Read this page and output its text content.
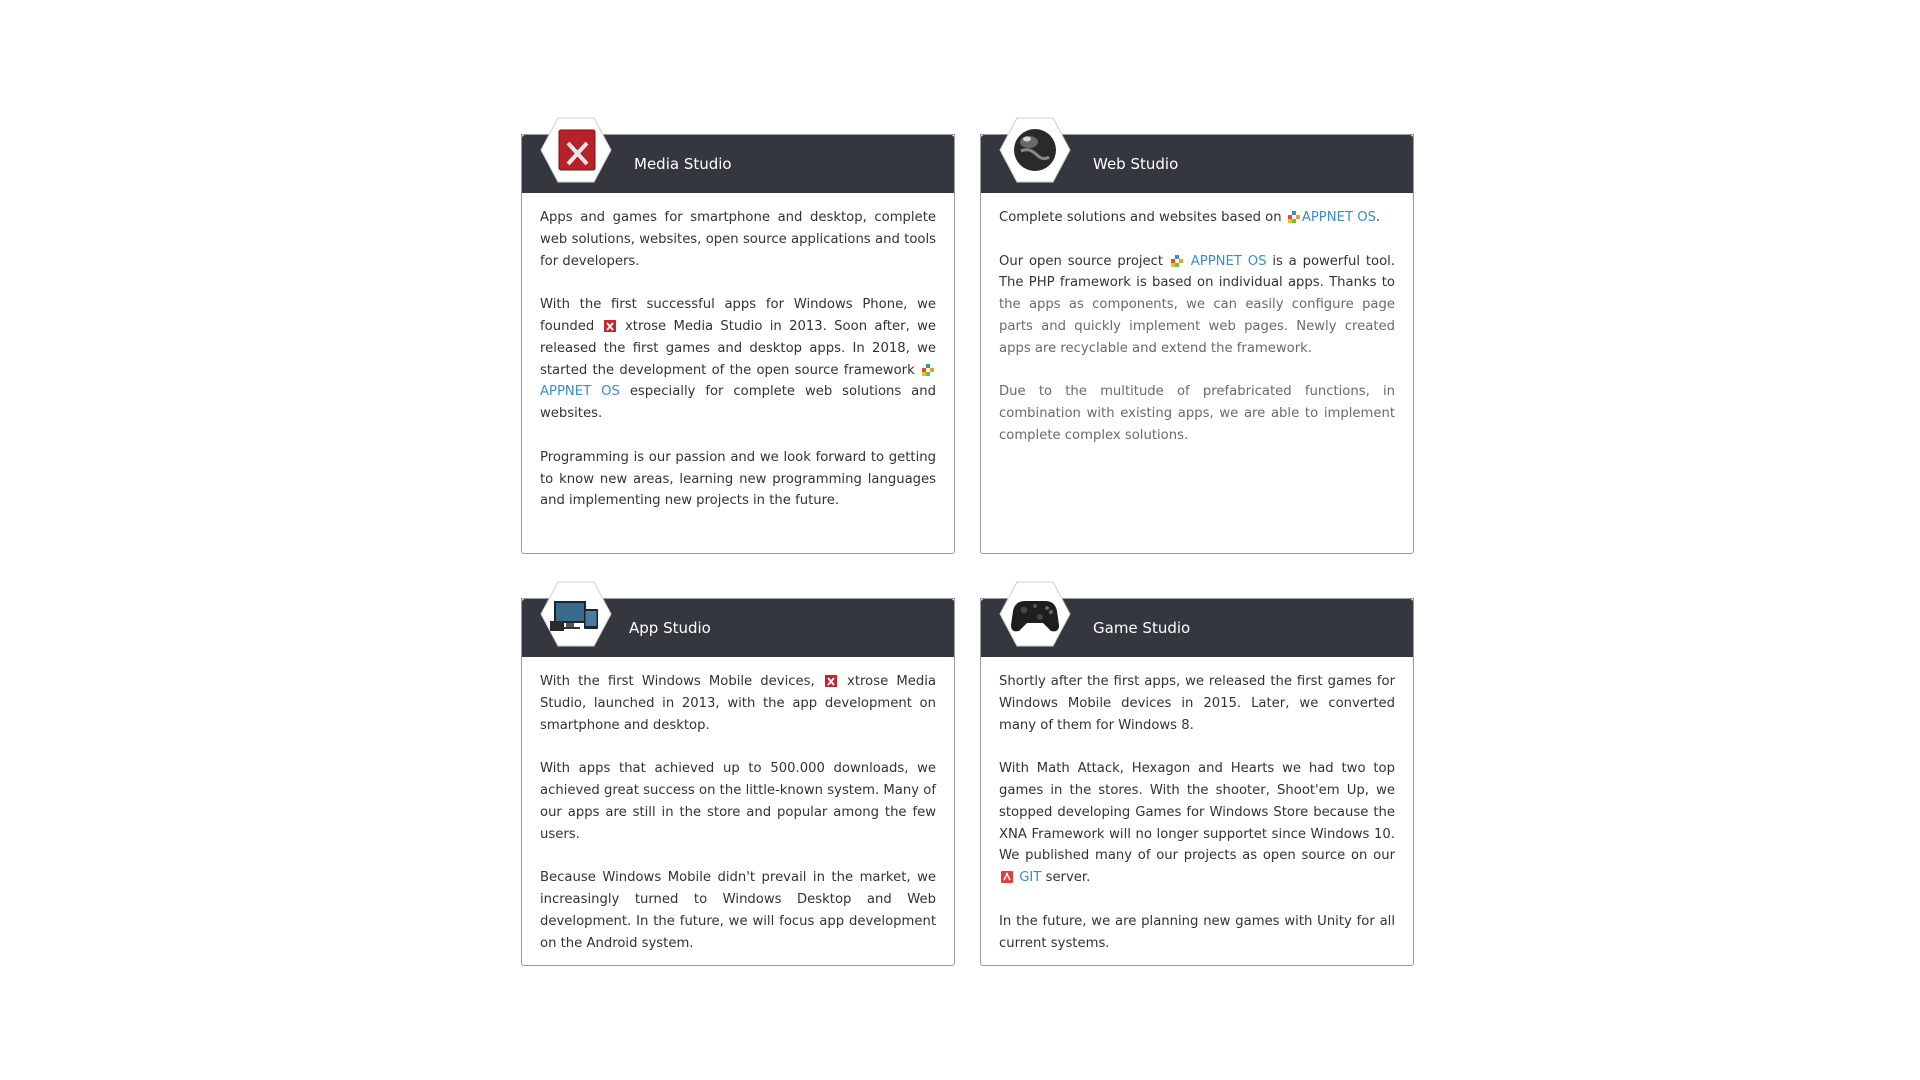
Media Studio

Apps and games for smartphone and desktop, complete web solutions, websites, open source applications and tools for developers.

With the first successful apps for Windows Phone, we founded xtrose Media Studio in 2013. Soon after, we released the first games and desktop apps. In 2018, we started the development of the open source framework  APPNET OS especially for complete web solutions and websites.

Programming is our passion and we look forward to getting to know new areas, learning new programming languages and implementing new projects in the future.

Web Studio

Complete solutions and websites based on APPNET OS.

Our open source project APPNET OS is a powerful tool. The PHP framework is based on individual apps. Thanks to the apps as components, we can easily configure page parts and quickly implement web pages. Newly created apps are recyclable and extend the framework.

Due to the multitude of prefabricated functions, in combination with existing apps, we are able to implement complete complex solutions.

App Studio

With the first Windows Mobile devices, xtrose Media Studio, launched in 2013, with the app development on smartphone and desktop.

With apps that achieved up to 500.000 downloads, we achieved great success on the little-known system. Many of our apps are still in the store and popular among the few users.

Because Windows Mobile didn't prevail in the market, we increasingly turned to Windows Desktop and Web development. In the future, we will focus app development on the Android system.

Game Studio

Shortly after the first apps, we released the first games for Windows Mobile devices in 2015. Later, we converted many of them for Windows 8.

With Math Attack, Hexagon and Hearts we had two top games in the stores. With the shooter, Shoot'em Up, we stopped developing Games for Windows Store because the XNA Framework will no longer supportet since Windows 10. We published many of our projects as open source on our  GIT server.

In the future, we are planning new games with Unity for all current systems.
